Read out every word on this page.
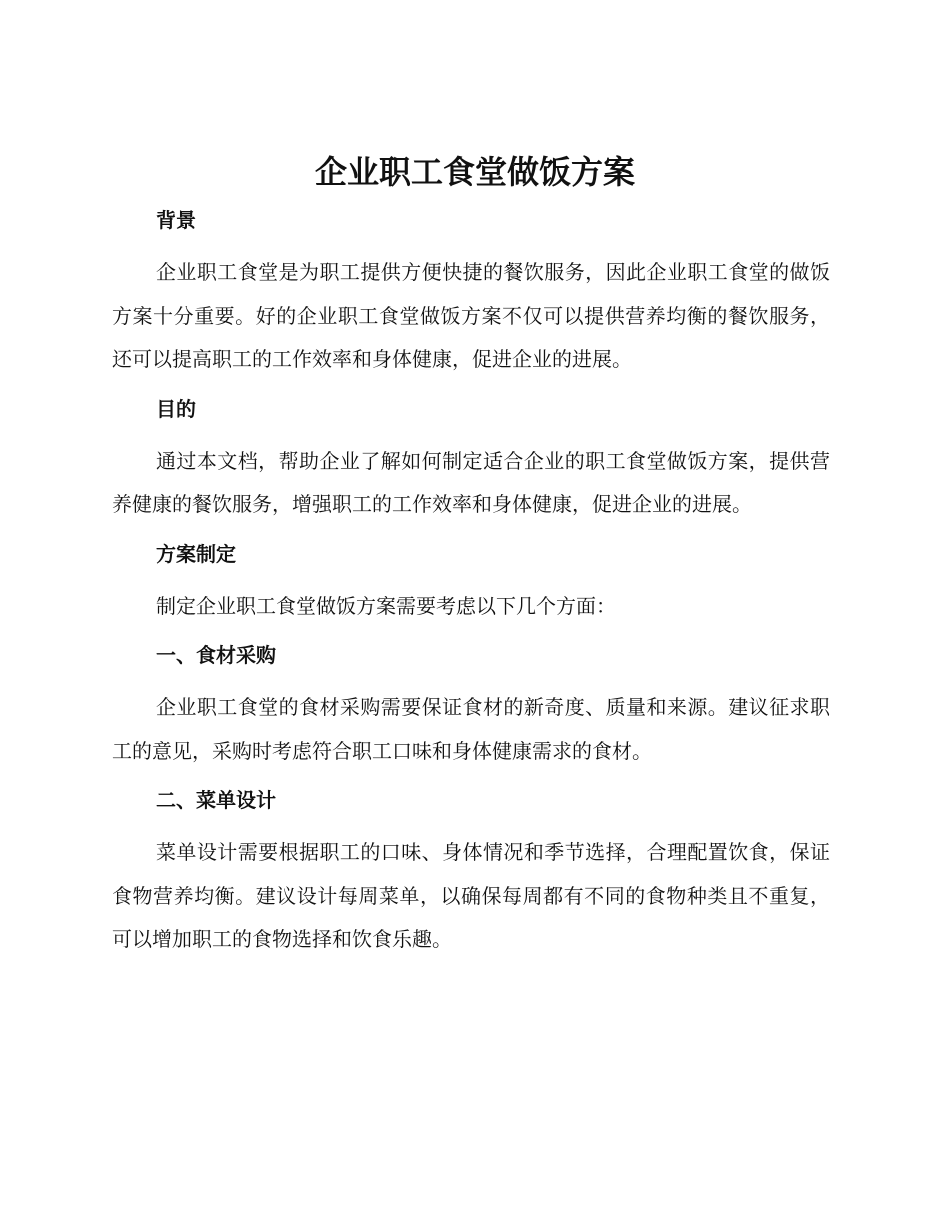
企业职工食堂做饭方案
背景

企业职工食堂是为职工提供方便快捷的餐饮服务，因此企业职工食堂的做饭方案十分重要。好的企业职工食堂做饭方案不仅可以提供营养均衡的餐饮服务，还可以提高职工的工作效率和身体健康，促进企业的进展。

目的

通过本文档，帮助企业了解如何制定适合企业的职工食堂做饭方案，提供营养健康的餐饮服务，增强职工的工作效率和身体健康，促进企业的进展。

方案制定

制定企业职工食堂做饭方案需要考虑以下几个方面：

一、食材采购

企业职工食堂的食材采购需要保证食材的新奇度、质量和来源。建议征求职工的意见，采购时考虑符合职工口味和身体健康需求的食材。

二、菜单设计

菜单设计需要根据职工的口味、身体情况和季节选择，合理配置饮食，保证食物营养均衡。建议设计每周菜单，以确保每周都有不同的食物种类且不重复，可以增加职工的食物选择和饮食乐趣。
